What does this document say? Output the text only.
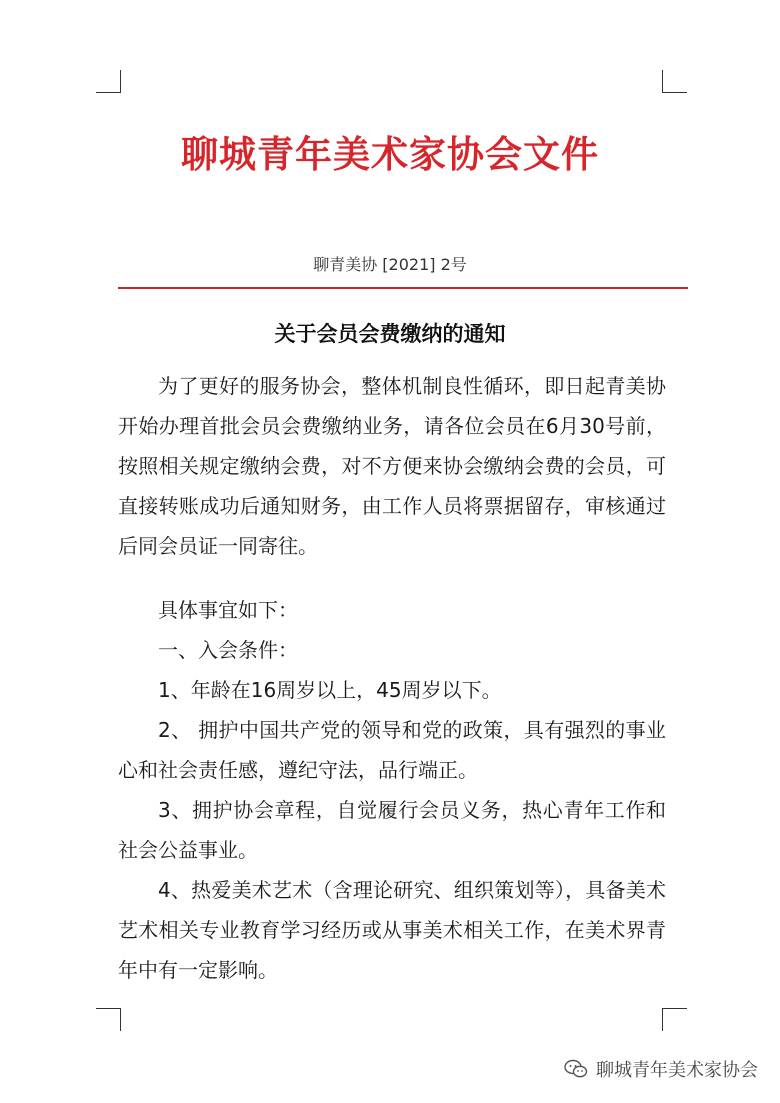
聊城青年美术家协会文件
聊青美协 [2021] 2号
关于会员会费缴纳的通知

为了更好的服务协会，整体机制良性循环，即日起青美协开始办理首批会员会费缴纳业务，请各位会员在6月30号前，按照相关规定缴纳会费，对不方便来协会缴纳会费的会员，可直接转账成功后通知财务，由工作人员将票据留存，审核通过后同会员证一同寄往。

具体事宜如下：

一、入会条件：

1、年龄在16周岁以上，45周岁以下。

2、 拥护中国共产党的领导和党的政策，具有强烈的事业心和社会责任感，遵纪守法，品行端正。

3、拥护协会章程，自觉履行会员义务，热心青年工作和社会公益事业。

4、热爱美术艺术（含理论研究、组织策划等），具备美术艺术相关专业教育学习经历或从事美术相关工作，在美术界青年中有一定影响。

聊城青年美术家协会
